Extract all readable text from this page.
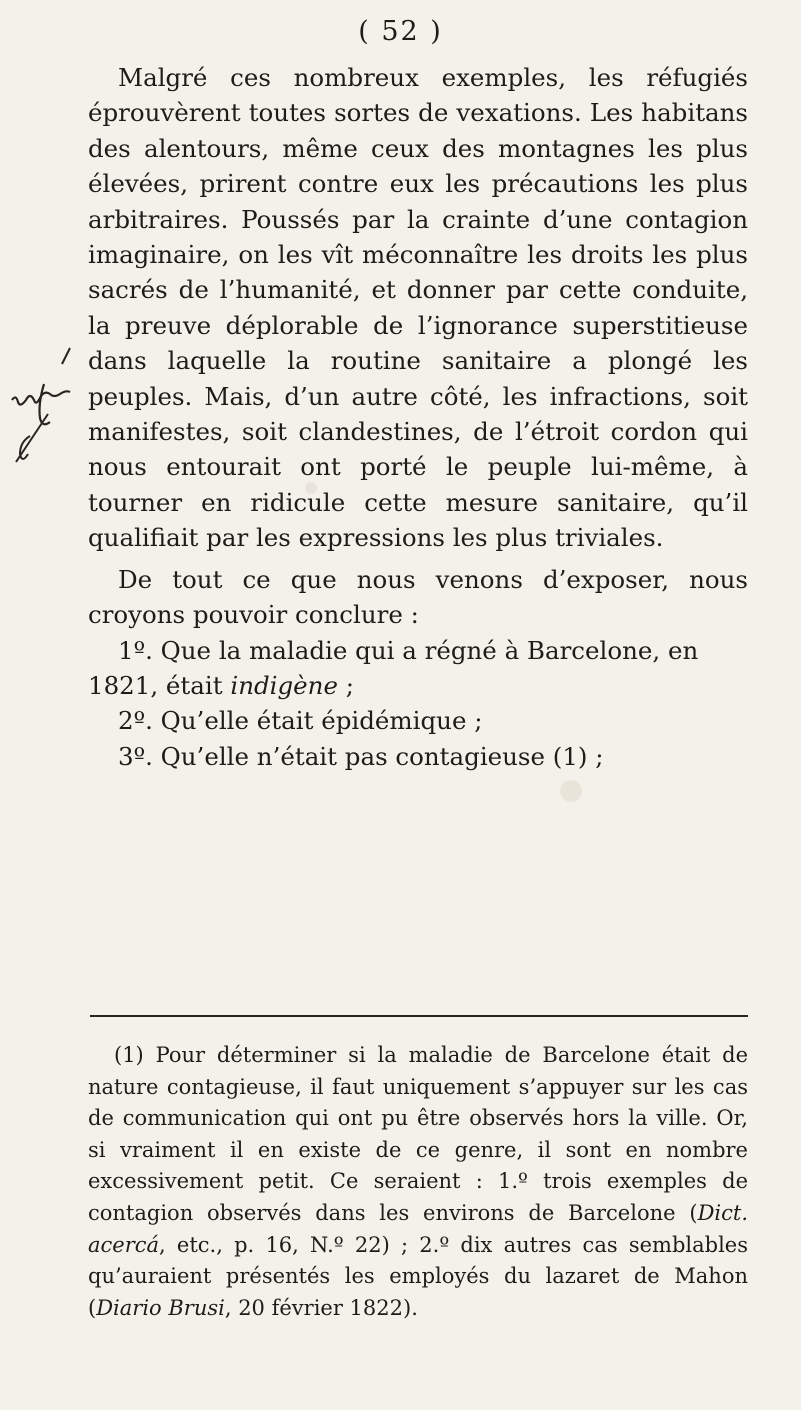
( 52 )

Malgré ces nombreux exemples, les réfugiés éprouvèrent toutes sortes de vexations. Les habitans des alentours, même ceux des montagnes les plus élevées, prirent contre eux les précautions les plus arbitraires. Poussés par la crainte d’une contagion imaginaire, on les vît méconnaître les droits les plus sacrés de l’humanité, et donner par cette conduite, la preuve déplorable de l’ignorance superstitieuse dans laquelle la routine sanitaire a plongé les peuples. Mais, d’un autre côté, les infractions, soit manifestes, soit clandestines, de l’étroit cordon qui nous entourait ont porté le peuple lui-même, à tourner en ridicule cette mesure sanitaire, qu’il qualifiait par les expressions les plus triviales.

De tout ce que nous venons d’exposer, nous croyons pouvoir conclure :

1º. Que la maladie qui a régné à Barcelone, en
1821, était indigène ;
2º. Qu’elle était épidémique ;
3º. Qu’elle n’était pas contagieuse (1) ;

(1) Pour déterminer si la maladie de Barcelone était de nature contagieuse, il faut uniquement s’appuyer sur les cas de communication qui ont pu être observés hors la ville. Or, si vraiment il en existe de ce genre, il sont en nombre excessivement petit. Ce seraient : 1.º trois exemples de contagion observés dans les environs de Barcelone (Dict. acercá, etc., p. 16, N.º 22) ; 2.º dix autres cas semblables qu’auraient présentés les employés du lazaret de Mahon (Diario Brusi, 20 février 1822).
